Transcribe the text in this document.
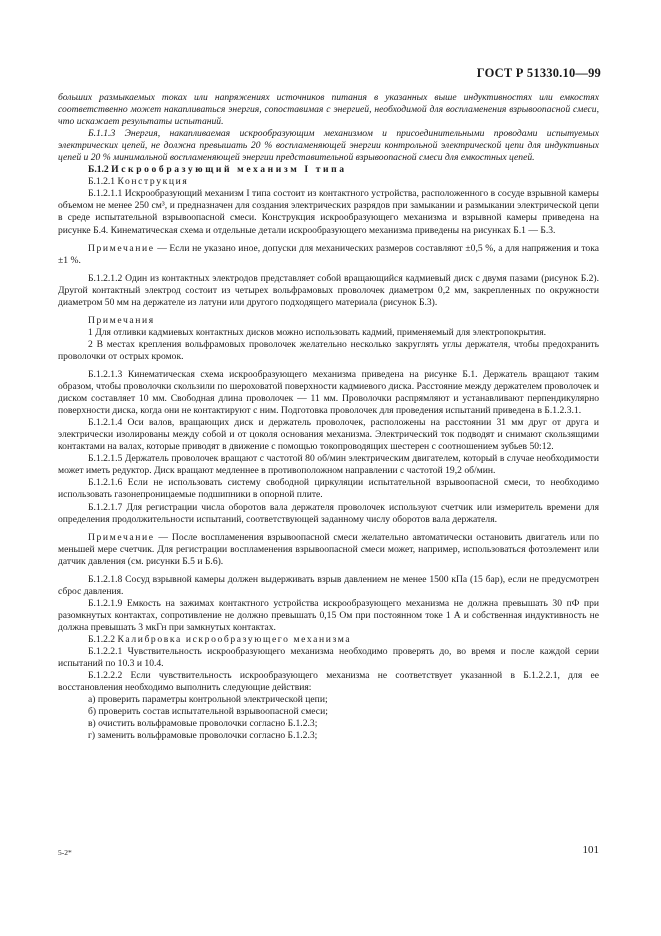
ГОСТ Р 51330.10—99

больших размыкаемых токах или напряжениях источников питания в указанных выше индуктивностях или емкостях соответственно может накапливаться энергия, сопоставимая с энергией, необходимой для воспламенения взрывоопасной смеси, что искажает результаты испытаний.

Б.1.1.3 Энергия, накапливаемая искрообразующим механизмом и присоединительными проводами испытуемых электрических цепей, не должна превышать 20 % воспламеняющей энергии контрольной электрической цепи для индуктивных цепей и 20 % минимальной воспламеняющей энергии представительной взрывоопасной смеси для емкостных цепей.

Б.1.2 Искрообразующий механизм I типа

Б.1.2.1 Конструкция

Б.1.2.1.1 Искрообразующий механизм I типа состоит из контактного устройства, расположенного в сосуде взрывной камеры объемом не менее 250 см³, и предназначен для создания электрических разрядов при замыкании и размыкании электрической цепи в среде испытательной взрывоопасной смеси. Конструкция искрообразующего механизма и взрывной камеры приведена на рисунке Б.4. Кинематическая схема и отдельные детали искрообразующего механизма приведены на рисунках Б.1 — Б.3.

Примечание — Если не указано иное, допуски для механических размеров составляют ±0,5 %, а для напряжения и тока ±1 %.

Б.1.2.1.2 Один из контактных электродов представляет собой вращающийся кадмиевый диск с двумя пазами (рисунок Б.2). Другой контактный электрод состоит из четырех вольфрамовых проволочек диаметром 0,2 мм, закрепленных по окружности диаметром 50 мм на держателе из латуни или другого подходящего материала (рисунок Б.3).

Примечания

1 Для отливки кадмиевых контактных дисков можно использовать кадмий, применяемый для электропокрытия.

2 В местах крепления вольфрамовых проволочек желательно несколько закруглять углы держателя, чтобы предохранить проволочки от острых кромок.

Б.1.2.1.3 Кинематическая схема искрообразующего механизма приведена на рисунке Б.1. Держатель вращают таким образом, чтобы проволочки скользили по шероховатой поверхности кадмиевого диска. Расстояние между держателем проволочек и диском составляет 10 мм. Свободная длина проволочек — 11 мм. Проволочки распрямляют и устанавливают перпендикулярно поверхности диска, когда они не контактируют с ним. Подготовка проволочек для проведения испытаний приведена в Б.1.2.3.1.

Б.1.2.1.4 Оси валов, вращающих диск и держатель проволочек, расположены на расстоянии 31 мм друг от друга и электрически изолированы между собой и от цоколя основания механизма. Электрический ток подводят и снимают скользящими контактами на валах, которые приводят в движение с помощью токопроводящих шестерен с соотношением зубьев 50:12.

Б.1.2.1.5 Держатель проволочек вращают с частотой 80 об/мин электрическим двигателем, который в случае необходимости может иметь редуктор. Диск вращают медленнее в противоположном направлении с частотой 19,2 об/мин.

Б.1.2.1.6 Если не использовать систему свободной циркуляции испытательной взрывоопасной смеси, то необходимо использовать газонепроницаемые подшипники в опорной плите.

Б.1.2.1.7 Для регистрации числа оборотов вала держателя проволочек используют счетчик или измеритель времени для определения продолжительности испытаний, соответствующей заданному числу оборотов вала держателя.

Примечание — После воспламенения взрывоопасной смеси желательно автоматически остановить двигатель или по меньшей мере счетчик. Для регистрации воспламенения взрывоопасной смеси может, например, использоваться фотоэлемент или датчик давления (см. рисунки Б.5 и Б.6).

Б.1.2.1.8 Сосуд взрывной камеры должен выдерживать взрыв давлением не менее 1500 кПа (15 бар), если не предусмотрен сброс давления.

Б.1.2.1.9 Емкость на зажимах контактного устройства искрообразующего механизма не должна превышать 30 пФ при разомкнутых контактах, сопротивление не должно превышать 0,15 Ом при постоянном токе 1 А и собственная индуктивность не должна превышать 3 мкГн при замкнутых контактах.

Б.1.2.2 Калибровка искрообразующего механизма

Б.1.2.2.1 Чувствительность искрообразующего механизма необходимо проверять до, во время и после каждой серии испытаний по 10.3 и 10.4.

Б.1.2.2.2 Если чувствительность искрообразующего механизма не соответствует указанной в Б.1.2.2.1, для ее восстановления необходимо выполнить следующие действия:

а) проверить параметры контрольной электрической цепи;

б) проверить состав испытательной взрывоопасной смеси;

в) очистить вольфрамовые проволочки согласно Б.1.2.3;

г) заменить вольфрамовые проволочки согласно Б.1.2.3;

5-2*	101
